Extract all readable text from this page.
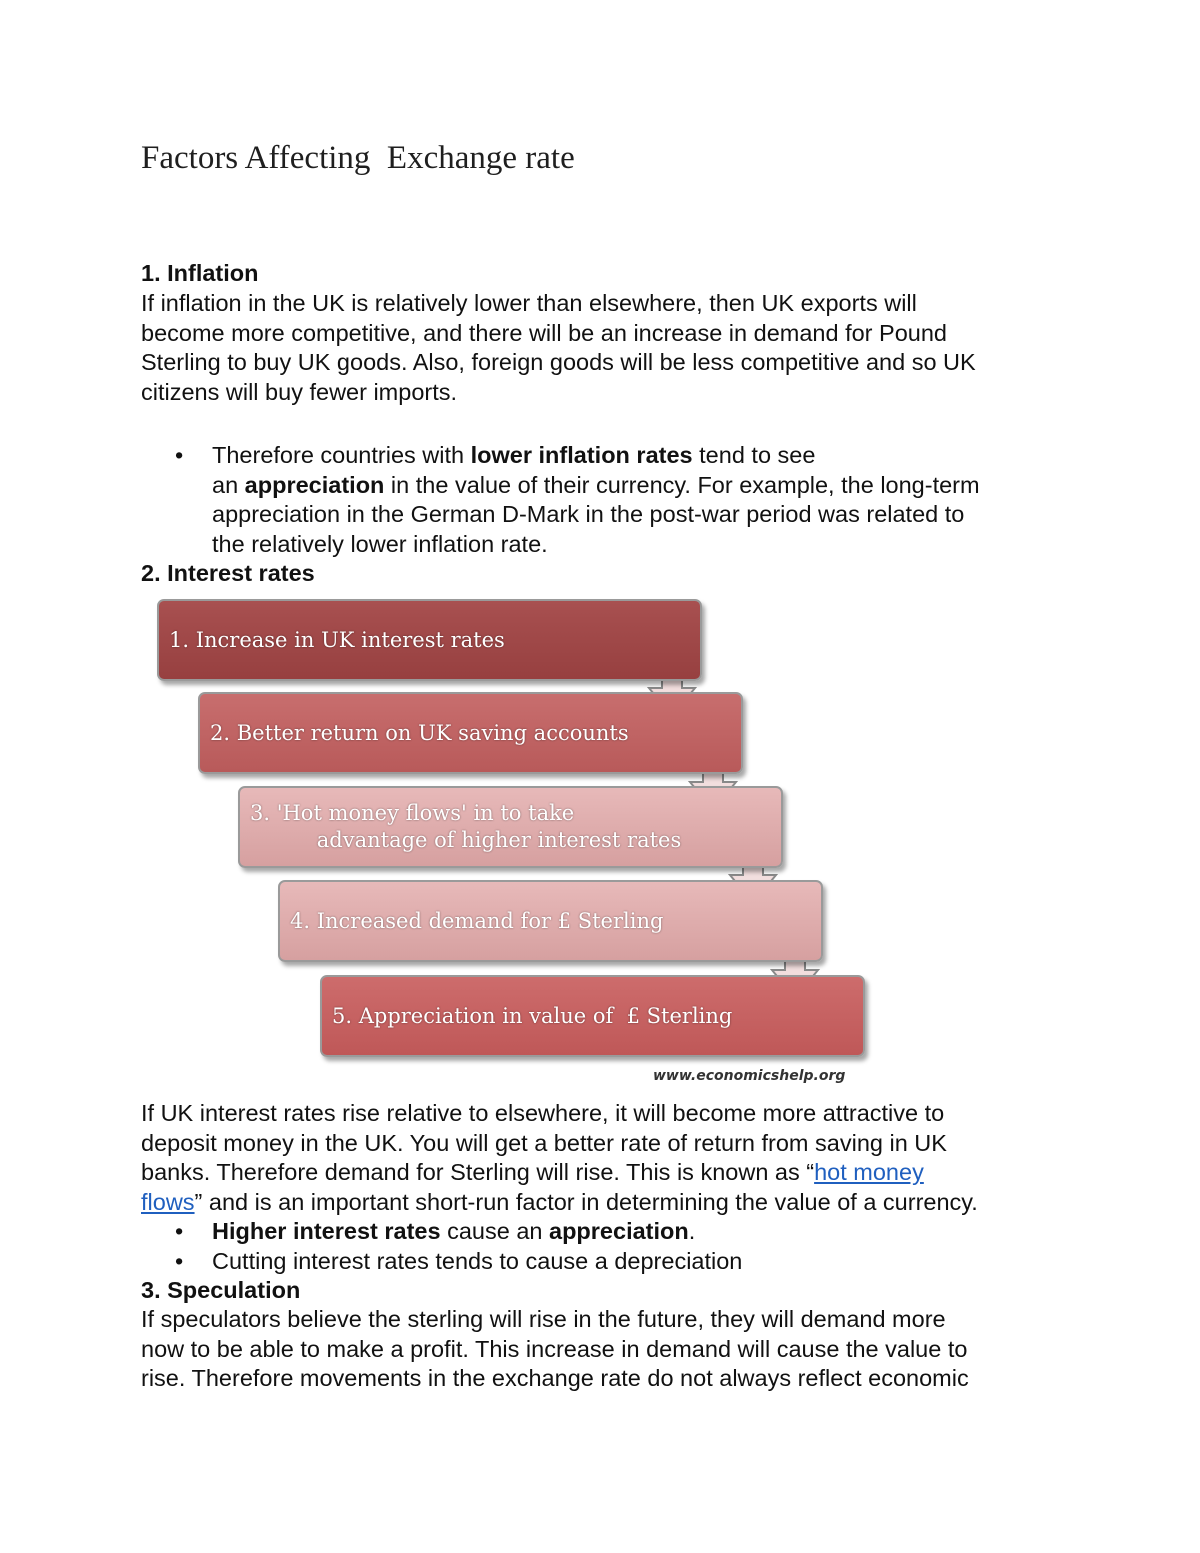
Factors Affecting  Exchange rate
1. Inflation
If inflation in the UK is relatively lower than elsewhere, then UK exports will
become more competitive, and there will be an increase in demand for Pound
Sterling to buy UK goods. Also, foreign goods will be less competitive and so UK
citizens will buy fewer imports.
• Therefore countries with lower inflation rates tend to see
an appreciation in the value of their currency. For example, the long-term
appreciation in the German D-Mark in the post-war period was related to
the relatively lower inflation rate.
2. Interest rates
1. Increase in UK interest rates
2. Better return on UK saving accounts
3. 'Hot money flows' in to take
advantage of higher interest rates
4. Increased demand for £ Sterling
5. Appreciation in value of  £ Sterling
www.economicshelp.org
If UK interest rates rise relative to elsewhere, it will become more attractive to
deposit money in the UK. You will get a better rate of return from saving in UK
banks. Therefore demand for Sterling will rise. This is known as “hot money
flows” and is an important short-run factor in determining the value of a currency.
• Higher interest rates cause an appreciation.
• Cutting interest rates tends to cause a depreciation
3. Speculation
If speculators believe the sterling will rise in the future, they will demand more
now to be able to make a profit. This increase in demand will cause the value to
rise. Therefore movements in the exchange rate do not always reflect economic
